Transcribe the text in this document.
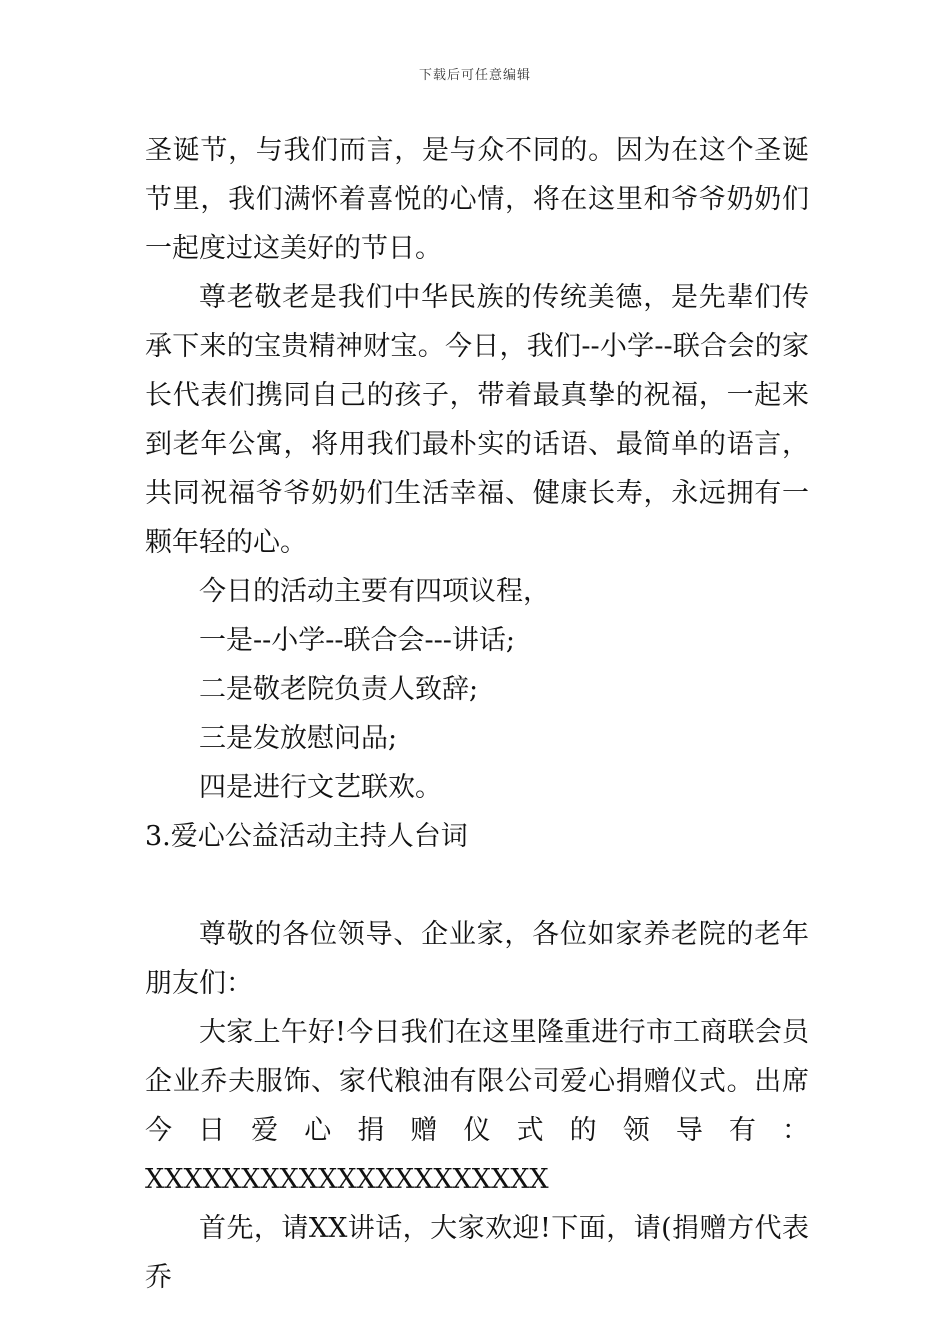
下载后可任意编辑

圣诞节，与我们而言，是与众不同的。因为在这个圣诞节里，我们满怀着喜悦的心情，将在这里和爷爷奶奶们一起度过这美好的节日。

尊老敬老是我们中华民族的传统美德，是先辈们传承下来的宝贵精神财宝。今日，我们--小学--联合会的家长代表们携同自己的孩子，带着最真挚的祝福，一起来到老年公寓，将用我们最朴实的话语、最简单的语言，共同祝福爷爷奶奶们生活幸福、健康长寿，永远拥有一颗年轻的心。

今日的活动主要有四项议程，

一是--小学--联合会---讲话;

二是敬老院负责人致辞;

三是发放慰问品;

四是进行文艺联欢。

3.爱心公益活动主持人台词

尊敬的各位领导、企业家，各位如家养老院的老年朋友们：

大家上午好!今日我们在这里隆重进行市工商联会员企业乔夫服饰、家代粮油有限公司爱心捐赠仪式。出席今日爱心捐赠仪式的领导有：XXXXXXXXXXXXXXXXXXXXX

首先，请XX讲话，大家欢迎!下面，请(捐赠方代表乔
